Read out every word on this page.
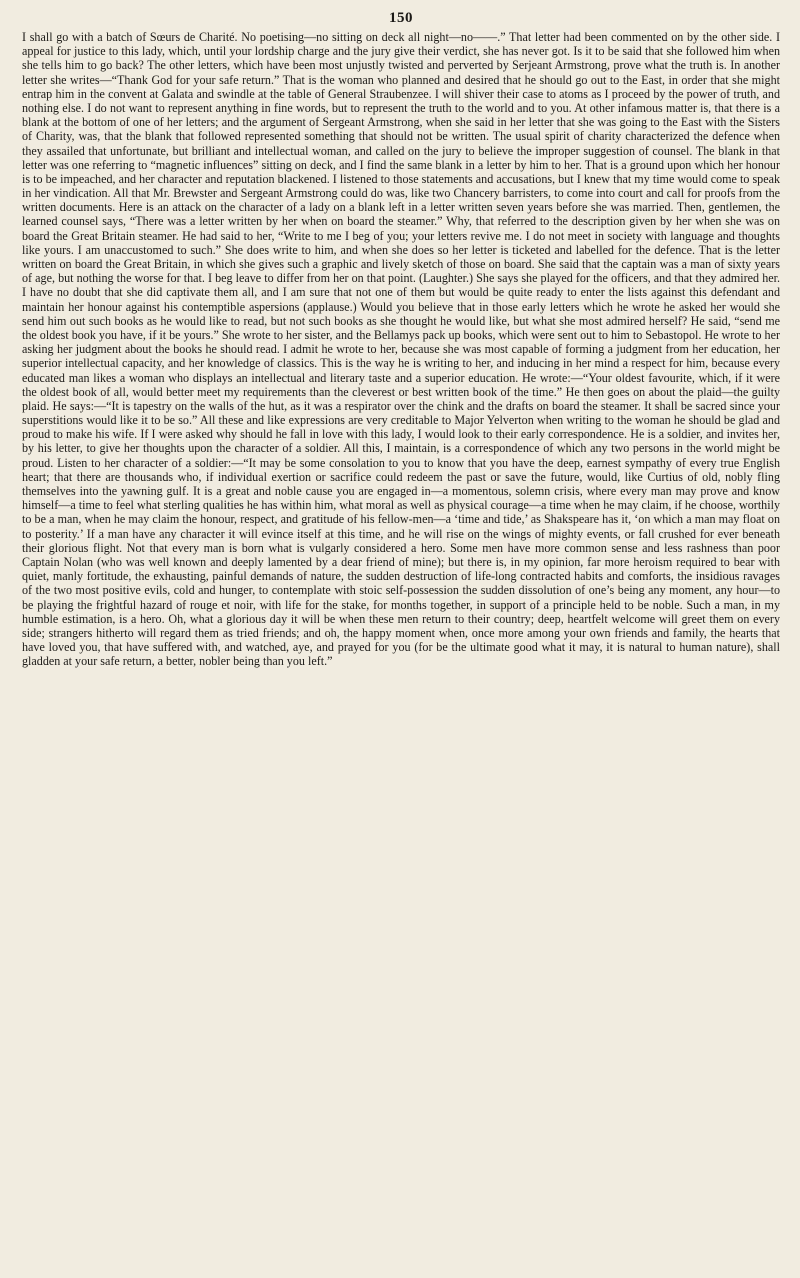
150

I shall go with a batch of Sœurs de Charité. No poetising—no sitting on deck all night—no——.” That letter had been commented on by the other side. I appeal for justice to this lady, which, until your lordship charge and the jury give their verdict, she has never got. Is it to be said that she followed him when she tells him to go back? The other letters, which have been most unjustly twisted and perverted by Serjeant Armstrong, prove what the truth is. In another letter she writes—“Thank God for your safe return.” That is the woman who planned and desired that he should go out to the East, in order that she might entrap him in the convent at Galata and swindle at the table of General Straubenzee. I will shiver their case to atoms as I proceed by the power of truth, and nothing else. I do not want to represent anything in fine words, but to represent the truth to the world and to you. At other infamous matter is, that there is a blank at the bottom of one of her letters; and the argument of Sergeant Armstrong, when she said in her letter that she was going to the East with the Sisters of Charity, was, that the blank that followed represented something that should not be written. The usual spirit of charity characterized the defence when they assailed that unfortunate, but brilliant and intellectual woman, and called on the jury to believe the improper suggestion of counsel. The blank in that letter was one referring to “magnetic influences” sitting on deck, and I find the same blank in a letter by him to her. That is a ground upon which her honour is to be impeached, and her character and reputation blackened. I listened to those statements and accusations, but I knew that my time would come to speak in her vindication. All that Mr. Brewster and Sergeant Armstrong could do was, like two Chancery barristers, to come into court and call for proofs from the written documents. Here is an attack on the character of a lady on a blank left in a letter written seven years before she was married. Then, gentlemen, the learned counsel says, “There was a letter written by her when on board the steamer.” Why, that referred to the description given by her when she was on board the Great Britain steamer. He had said to her, “Write to me I beg of you; your letters revive me. I do not meet in society with language and thoughts like yours. I am unaccustomed to such.” She does write to him, and when she does so her letter is ticketed and labelled for the defence. That is the letter written on board the Great Britain, in which she gives such a graphic and lively sketch of those on board. She said that the captain was a man of sixty years of age, but nothing the worse for that. I beg leave to differ from her on that point. (Laughter.) She says she played for the officers, and that they admired her. I have no doubt that she did captivate them all, and I am sure that not one of them but would be quite ready to enter the lists against this defendant and maintain her honour against his contemptible aspersions (applause.) Would you believe that in those early letters which he wrote he asked her would she send him out such books as he would like to read, but not such books as she thought he would like, but what she most admired herself? He said, “send me the oldest book you have, if it be yours.” She wrote to her sister, and the Bellamys pack up books, which were sent out to him to Sebastopol. He wrote to her asking her judgment about the books he should read. I admit he wrote to her, because she was most capable of forming a judgment from her education, her superior intellectual capacity, and her knowledge of classics. This is the way he is writing to her, and inducing in her mind a respect for him, because every educated man likes a woman who displays an intellectual and literary taste and a superior education. He wrote:—“Your oldest favourite, which, if it were the oldest book of all, would better meet my requirements than the cleverest or best written book of the time.” He then goes on about the plaid—the guilty plaid. He says:—“It is tapestry on the walls of the hut, as it was a respirator over the chink and the drafts on board the steamer. It shall be sacred since your superstitions would like it to be so.” All these and like expressions are very creditable to Major Yelverton when writing to the woman he should be glad and proud to make his wife. If I were asked why should he fall in love with this lady, I would look to their early correspondence. He is a soldier, and invites her, by his letter, to give her thoughts upon the character of a soldier. All this, I maintain, is a correspondence of which any two persons in the world might be proud. Listen to her character of a soldier:—“It may be some consolation to you to know that you have the deep, earnest sympathy of every true English heart; that there are thousands who, if individual exertion or sacrifice could redeem the past or save the future, would, like Curtius of old, nobly fling themselves into the yawning gulf. It is a great and noble cause you are engaged in—a momentous, solemn crisis, where every man may prove and know himself—a time to feel what sterling qualities he has within him, what moral as well as physical courage—a time when he may claim, if he choose, worthily to be a man, when he may claim the honour, respect, and gratitude of his fellow-men—a ‘time and tide,’ as Shakspeare has it, ‘on which a man may float on to posterity.’ If a man have any character it will evince itself at this time, and he will rise on the wings of mighty events, or fall crushed for ever beneath their glorious flight. Not that every man is born what is vulgarly considered a hero. Some men have more common sense and less rashness than poor Captain Nolan (who was well known and deeply lamented by a dear friend of mine); but there is, in my opinion, far more heroism required to bear with quiet, manly fortitude, the exhausting, painful demands of nature, the sudden destruction of life-long contracted habits and comforts, the insidious ravages of the two most positive evils, cold and hunger, to contemplate with stoic self-possession the sudden dissolution of one’s being any moment, any hour—to be playing the frightful hazard of rouge et noir, with life for the stake, for months together, in support of a principle held to be noble. Such a man, in my humble estimation, is a hero. Oh, what a glorious day it will be when these men return to their country; deep, heartfelt welcome will greet them on every side; strangers hitherto will regard them as tried friends; and oh, the happy moment when, once more among your own friends and family, the hearts that have loved you, that have suffered with, and watched, aye, and prayed for you (for be the ultimate good what it may, it is natural to human nature), shall gladden at your safe return, a better, nobler being than you left.”
